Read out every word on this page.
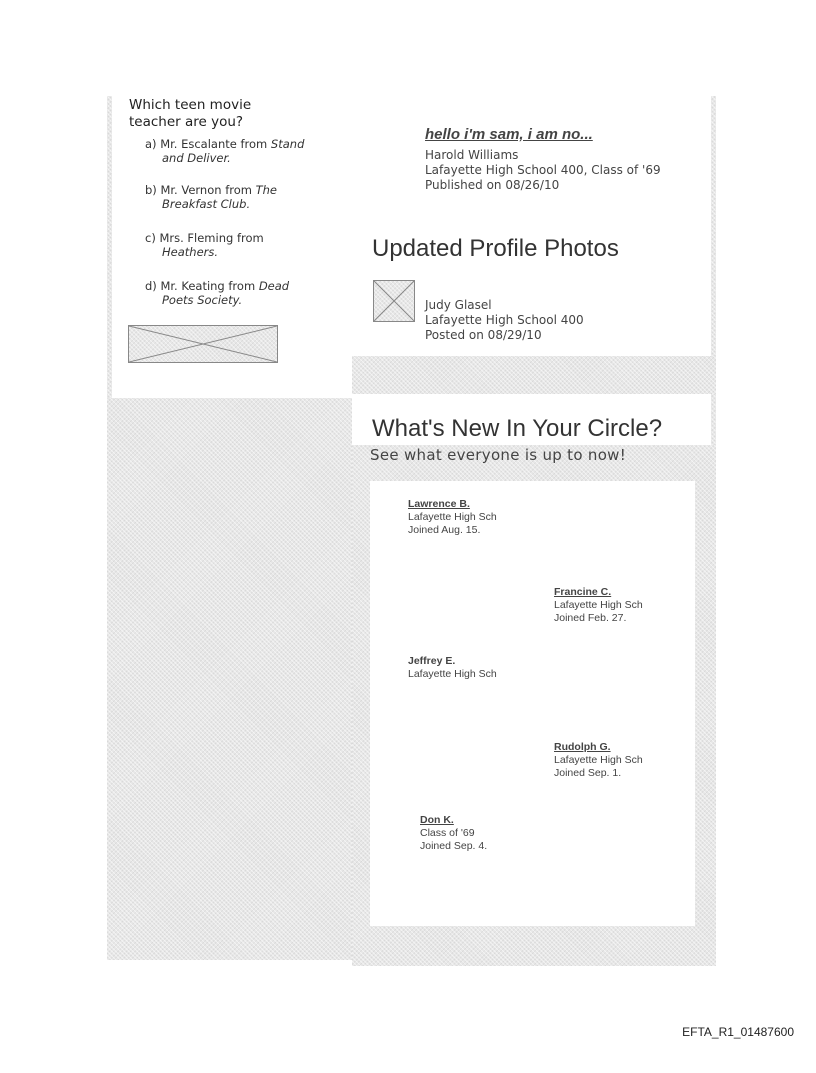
Which teen movie teacher are you?
a) Mr. Escalante from Stand
and Deliver.
b) Mr. Vernon from The
Breakfast Club.
c) Mrs. Fleming from
Heathers.
d) Mr. Keating from Dead
Poets Society.
hello i'm sam, i am no...
Harold Williams
Lafayette High School 400, Class of '69
Published on 08/26/10
Updated Profile Photos
Judy Glasel
Lafayette High School 400
Posted on 08/29/10
What's New In Your Circle?
See what everyone is up to now!
Lawrence B.
Lafayette High Sch
Joined Aug. 15.
Francine C.
Lafayette High Sch
Joined Feb. 27.
Jeffrey E.
Lafayette High Sch
Rudolph G.
Lafayette High Sch
Joined Sep. 1.
Don K.
Class of '69
Joined Sep. 4.
EFTA_R1_01487600
